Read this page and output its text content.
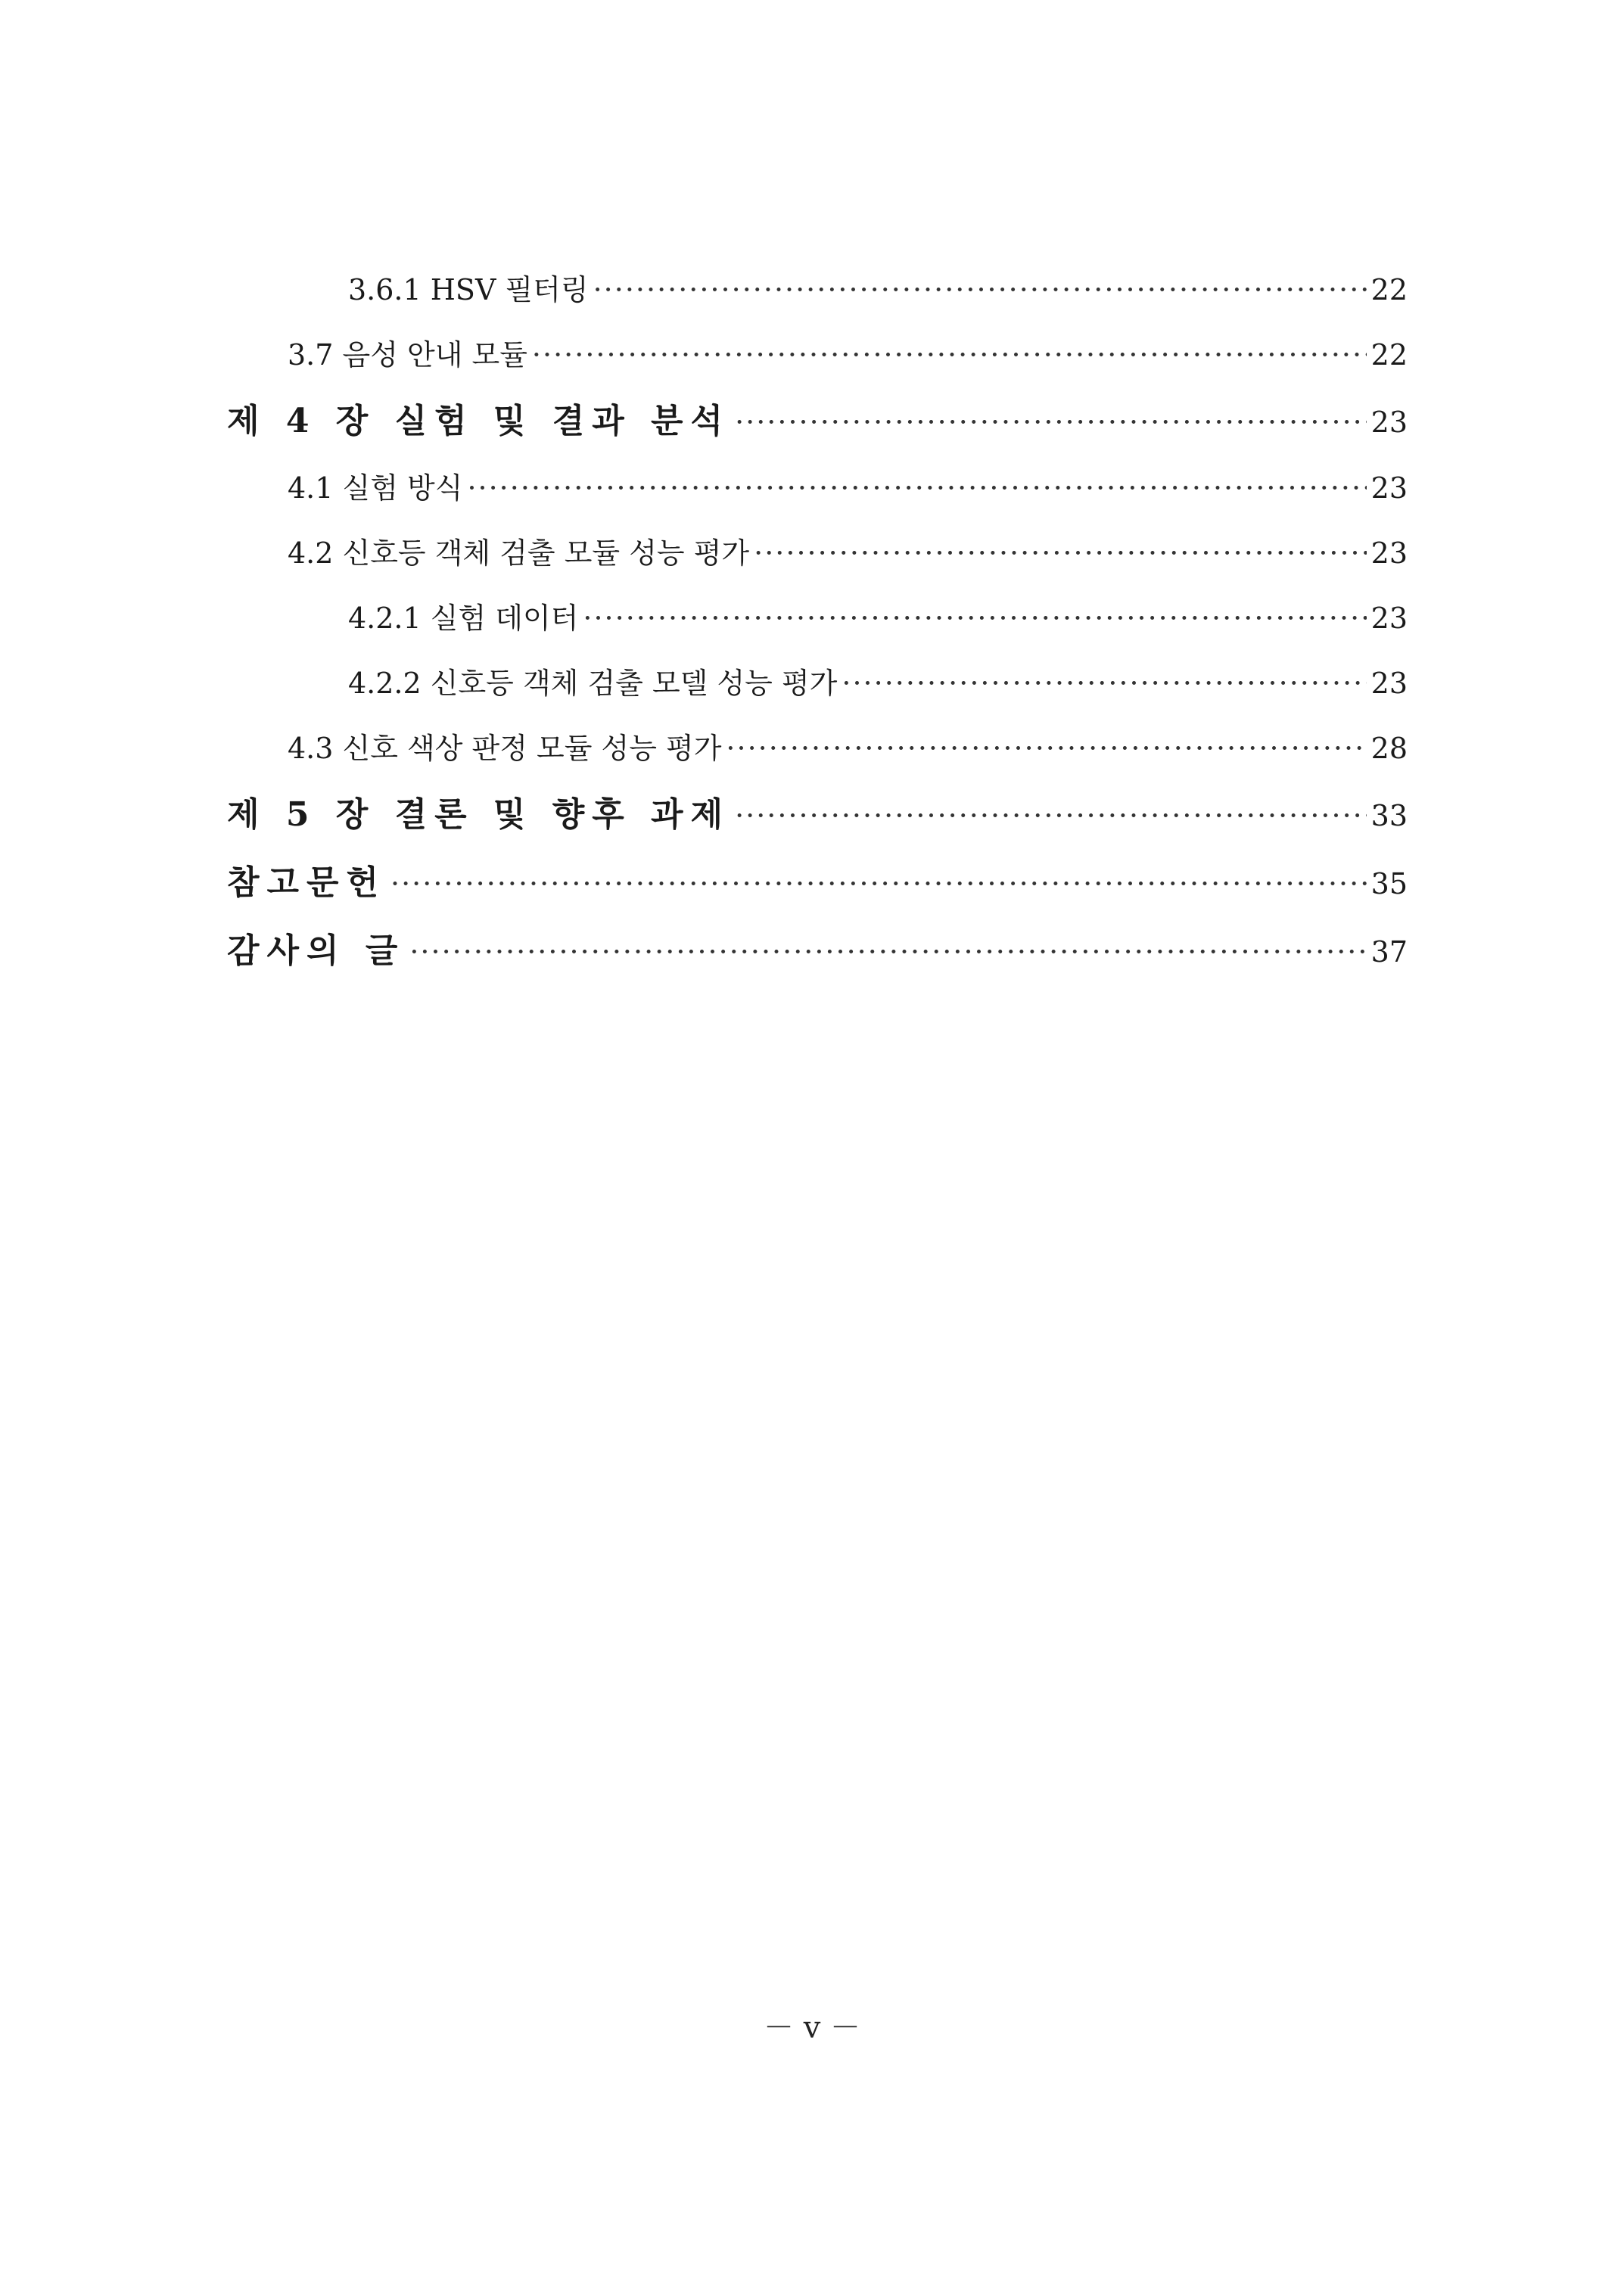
3.6.1 HSV 필터링 ·····	22
3.7 음성 안내 모듈 ·····	22
제 4 장 실험 및 결과 분석 ·····	23
4.1 실험 방식 ·····	23
4.2 신호등 객체 검출 모듈 성능 평가 ·····	23
4.2.1 실험 데이터 ·····	23
4.2.2 신호등 객체 검출 모델 성능 평가 ·····	23
4.3 신호 색상 판정 모듈 성능 평가 ·····	28
제 5 장 결론 및 향후 과제 ·····	33
참고문헌 ·····	35
감사의 글 ·····	37
－ v －
